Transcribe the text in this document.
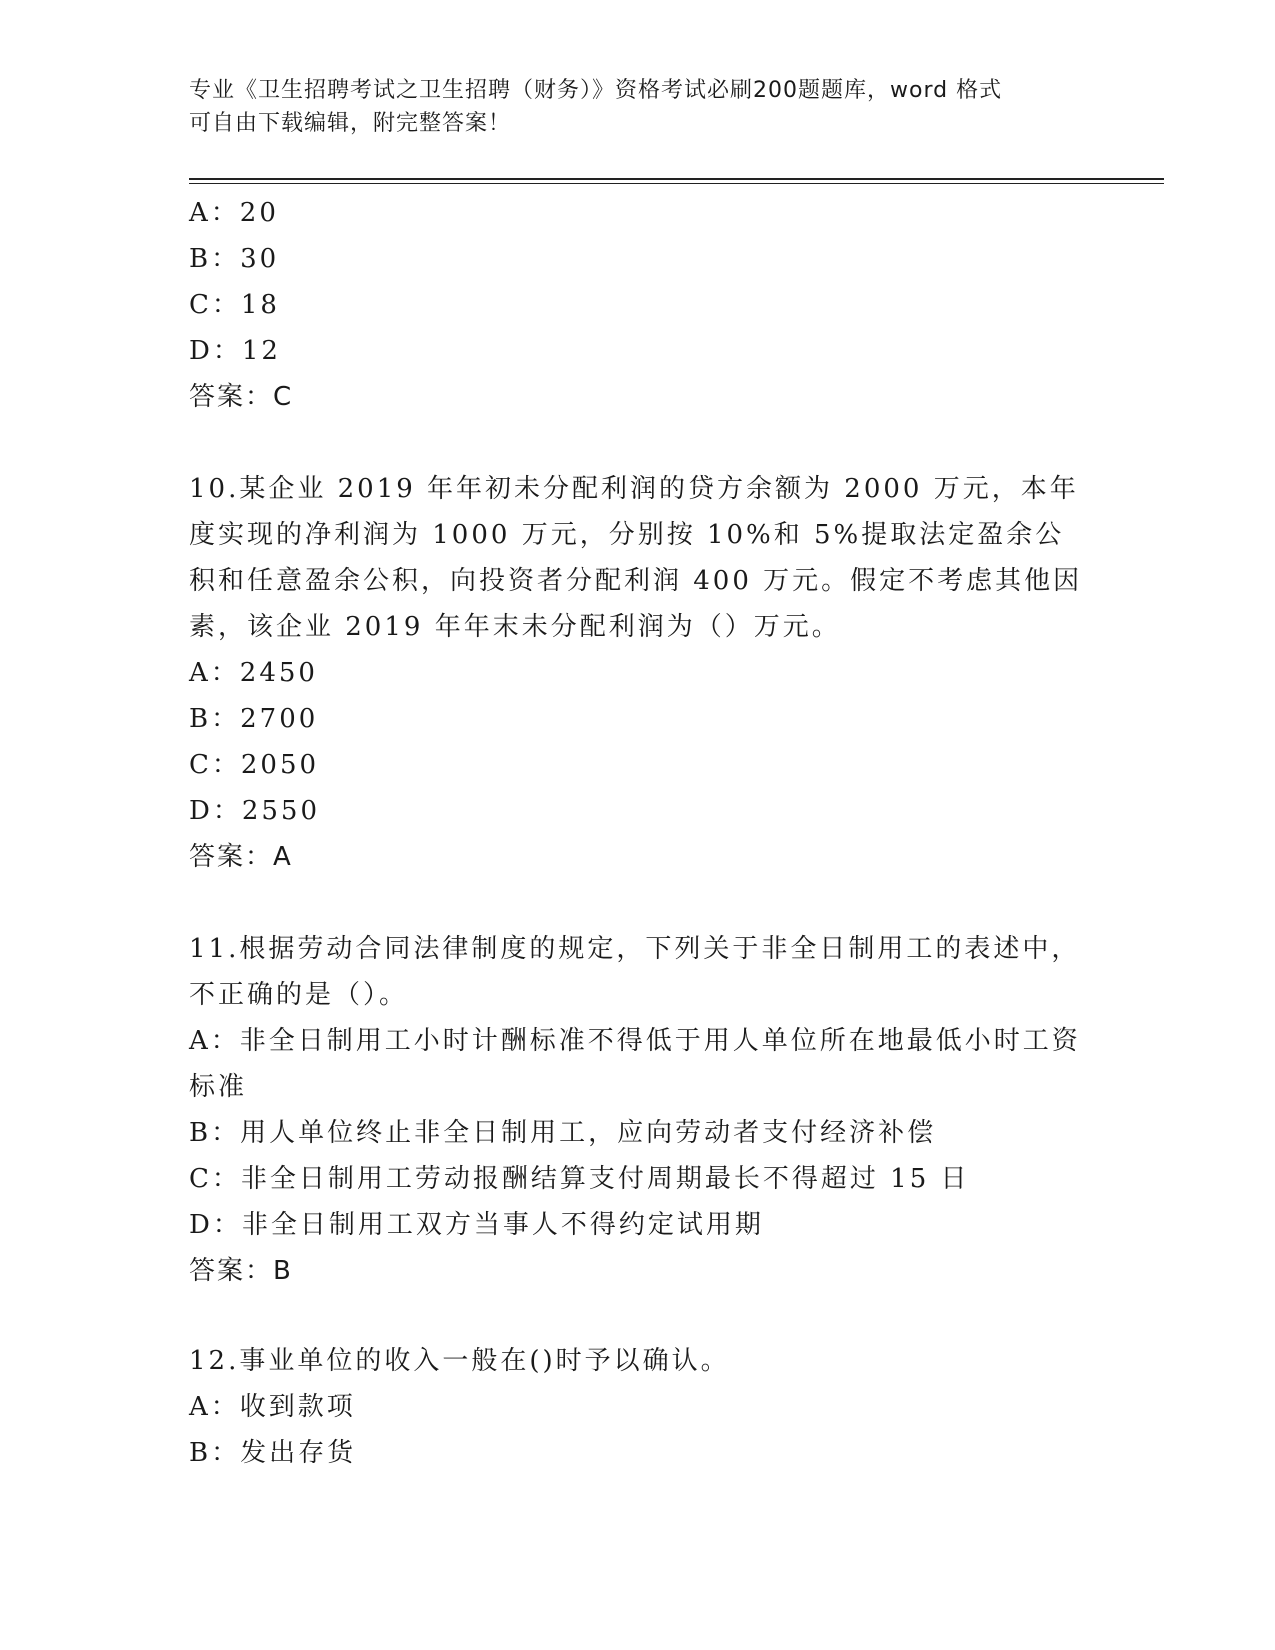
专业《卫生招聘考试之卫生招聘（财务）》资格考试必刷200题题库，word 格式
可自由下载编辑，附完整答案！
A：20
B：30
C：18
D：12
答案：C
10.某企业 2019 年年初未分配利润的贷方余额为 2000 万元，本年度实现的净利润为 1000 万元，分别按 10%和 5%提取法定盈余公积和任意盈余公积，向投资者分配利润 400 万元。假定不考虑其他因素，该企业 2019 年年末未分配利润为（）万元。
A：2450
B：2700
C：2050
D：2550
答案：A
11.根据劳动合同法律制度的规定，下列关于非全日制用工的表述中，不正确的是（）。
A：非全日制用工小时计酬标准不得低于用人单位所在地最低小时工资标准
B：用人单位终止非全日制用工，应向劳动者支付经济补偿
C：非全日制用工劳动报酬结算支付周期最长不得超过 15 日
D：非全日制用工双方当事人不得约定试用期
答案：B
12.事业单位的收入一般在()时予以确认。
A：收到款项
B：发出存货
